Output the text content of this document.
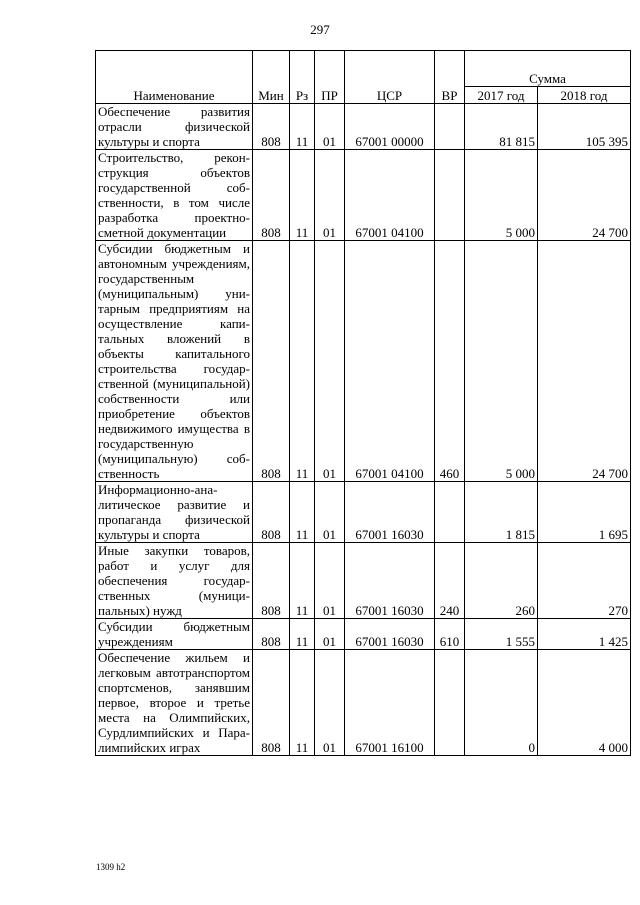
297
Наименование	Мин	Рз	ПР	ЦСР	ВР	Сумма	
						2017 год	2018 год
Обеспечение развития отрасли физической культуры и спорта	808	11	01	67001 00000		81 815	105 395
Строительство, реконструкция объектов государственной собственности, в том числе разработка проектно-сметной документации	808	11	01	67001 04100		5 000	24 700
Субсидии бюджетным и автономным учреждениям, государственным (муниципальным) унитарным предприятиям на осуществление капитальных вложений в объекты капитального строительства государственной (муниципальной) собственности или приобретение объектов недвижимого имущества в государственную (муниципальную) собственность	808	11	01	67001 04100	460	5 000	24 700
Информационно-аналитическое развитие и пропаганда физической культуры и спорта	808	11	01	67001 16030		1 815	1 695
Иные закупки товаров, работ и услуг для обеспечения государственных (муниципальных) нужд	808	11	01	67001 16030	240	260	270
Субсидии бюджетным учреждениям	808	11	01	67001 16030	610	1 555	1 425
Обеспечение жильем и легковым автотранспортом спортсменов, занявшим первое, второе и третье места на Олимпийских, Сурдлимпийских и Паралимпийских играх	808	11	01	67001 16100		0	4 000
1309 h2
